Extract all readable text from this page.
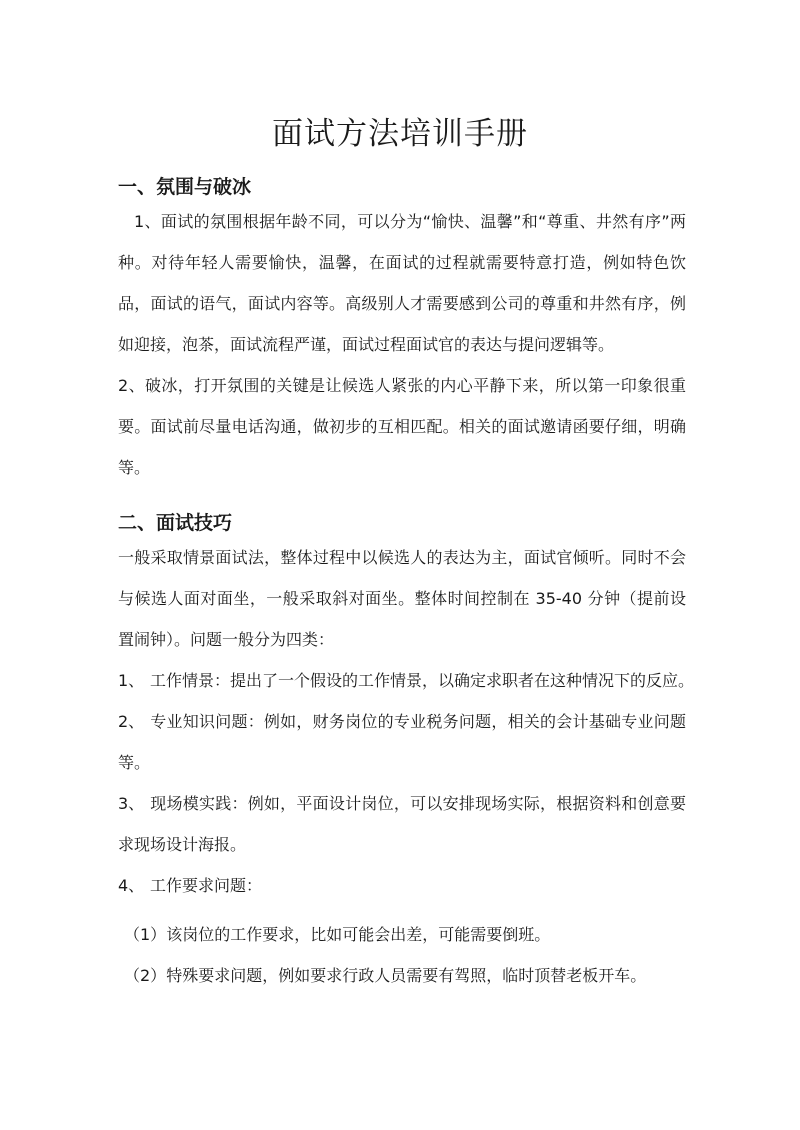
面试方法培训手册
一、氛围与破冰

1、面试的氛围根据年龄不同，可以分为“愉快、温馨”和“尊重、井然有序”两种。对待年轻人需要愉快，温馨，在面试的过程就需要特意打造，例如特色饮品，面试的语气，面试内容等。高级别人才需要感到公司的尊重和井然有序，例如迎接，泡茶，面试流程严谨，面试过程面试官的表达与提问逻辑等。

2、破冰，打开氛围的关键是让候选人紧张的内心平静下来，所以第一印象很重要。面试前尽量电话沟通，做初步的互相匹配。相关的面试邀请函要仔细，明确等。

二、面试技巧

一般采取情景面试法，整体过程中以候选人的表达为主，面试官倾听。同时不会与候选人面对面坐，一般采取斜对面坐。整体时间控制在 35-40 分钟（提前设置闹钟）。问题一般分为四类：

1、 工作情景：提出了一个假设的工作情景，以确定求职者在这种情况下的反应。
2、 专业知识问题：例如，财务岗位的专业税务问题，相关的会计基础专业问题等。
3、 现场模实践：例如，平面设计岗位，可以安排现场实际，根据资料和创意要求现场设计海报。
4、 工作要求问题：
（1）该岗位的工作要求，比如可能会出差，可能需要倒班。
（2）特殊要求问题，例如要求行政人员需要有驾照，临时顶替老板开车。
